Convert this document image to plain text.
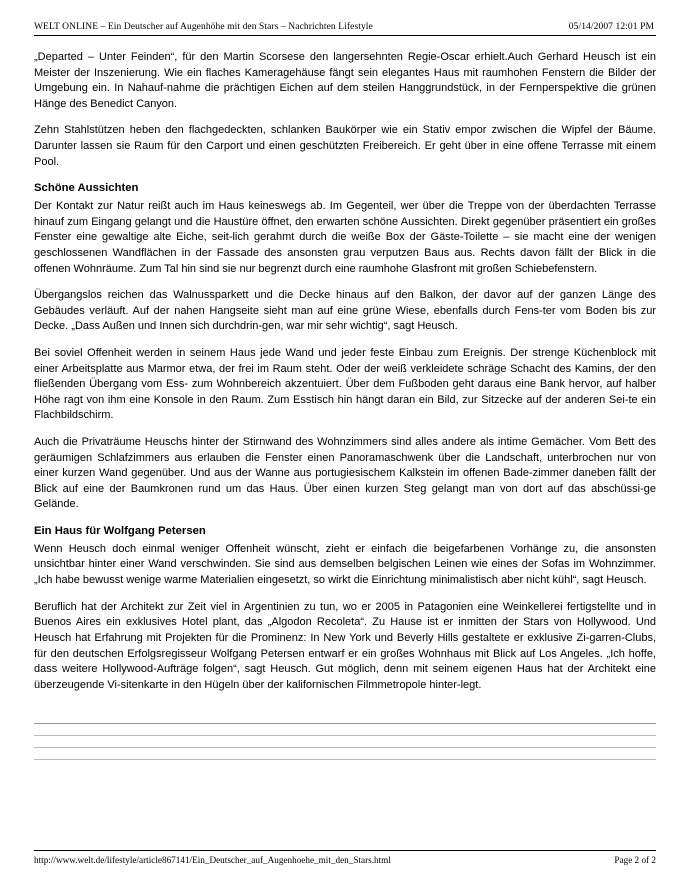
WELT ONLINE – Ein Deutscher auf Augenhöhe mit den Stars – Nachrichten Lifestyle	05/14/2007 12:01 PM

„Departed – Unter Feinden“, für den Martin Scorsese den langersehnten Regie-Oscar erhielt.Auch Gerhard Heusch ist ein Meister der Inszenierung. Wie ein flaches Kameragehäuse fängt sein elegantes Haus mit raumhohen Fenstern die Bilder der Umgebung ein. In Nahauf-nahme die prächtigen Eichen auf dem steilen Hanggrundstück, in der Fernperspektive die grünen Hänge des Benedict Canyon.

Zehn Stahlstützen heben den flachgedeckten, schlanken Baukörper wie ein Stativ empor zwischen die Wipfel der Bäume. Darunter lassen sie Raum für den Carport und einen geschützten Freibereich. Er geht über in eine offene Terrasse mit einem Pool.

Schöne Aussichten

Der Kontakt zur Natur reißt auch im Haus keineswegs ab. Im Gegenteil, wer über die Treppe von der überdachten Terrasse hinauf zum Eingang gelangt und die Haustüre öffnet, den erwarten schöne Aussichten. Direkt gegenüber präsentiert ein großes Fenster eine gewaltige alte Eiche, seit-lich gerahmt durch die weiße Box der Gäste-Toilette – sie macht eine der wenigen geschlossenen Wandflächen in der Fassade des ansonsten grau verputzen Baus aus. Rechts davon fällt der Blick in die offenen Wohnräume. Zum Tal hin sind sie nur begrenzt durch eine raumhohe Glasfront mit großen Schiebefenstern.

Übergangslos reichen das Walnussparkett und die Decke hinaus auf den Balkon, der davor auf der ganzen Länge des Gebäudes verläuft. Auf der nahen Hangseite sieht man auf eine grüne Wiese, ebenfalls durch Fens-ter vom Boden bis zur Decke. „Dass Außen und Innen sich durchdrin-gen, war mir sehr wichtig“, sagt Heusch.

Bei soviel Offenheit werden in seinem Haus jede Wand und jeder feste Einbau zum Ereignis. Der strenge Küchenblock mit einer Arbeitsplatte aus Marmor etwa, der frei im Raum steht. Oder der weiß verkleidete schräge Schacht des Kamins, der den fließenden Übergang vom Ess- zum Wohnbereich akzentuiert. Über dem Fußboden geht daraus eine Bank hervor, auf halber Höhe ragt von ihm eine Konsole in den Raum. Zum Esstisch hin hängt daran ein Bild, zur Sitzecke auf der anderen Sei-te ein Flachbildschirm.

Auch die Privaträume Heuschs hinter der Stirnwand des Wohnzimmers sind alles andere als intime Gemächer. Vom Bett des geräumigen Schlafzimmers aus erlauben die Fenster einen Panoramaschwenk über die Landschaft, unterbrochen nur von einer kurzen Wand gegenüber. Und aus der Wanne aus portugiesischem Kalkstein im offenen Bade-zimmer daneben fällt der Blick auf eine der Baumkronen rund um das Haus. Über einen kurzen Steg gelangt man von dort auf das abschüssi-ge Gelände.

Ein Haus für Wolfgang Petersen

Wenn Heusch doch einmal weniger Offenheit wünscht, zieht er einfach die beigefarbenen Vorhänge zu, die ansonsten unsichtbar hinter einer Wand verschwinden. Sie sind aus demselben belgischen Leinen wie eines der Sofas im Wohnzimmer. „Ich habe bewusst wenige warme Materialien eingesetzt, so wirkt die Einrichtung minimalistisch aber nicht kühl“, sagt Heusch.

Beruflich hat der Architekt zur Zeit viel in Argentinien zu tun, wo er 2005 in Patagonien eine Weinkellerei fertigstellte und in Buenos Aires ein exklusives Hotel plant, das „Algodon Recoleta“. Zu Hause ist er inmitten der Stars von Hollywood. Und Heusch hat Erfahrung mit Projekten für die Prominenz: In New York und Beverly Hills gestaltete er exklusive Zi-garren-Clubs, für den deutschen Erfolgsregisseur Wolfgang Petersen entwarf er ein großes Wohnhaus mit Blick auf Los Angeles. „Ich hoffe, dass weitere Hollywood-Aufträge folgen“, sagt Heusch. Gut möglich, denn mit seinem eigenen Haus hat der Architekt eine überzeugende Vi-sitenkarte in den Hügeln über der kalifornischen Filmmetropole hinter-legt.

http://www.welt.de/lifestyle/article867141/Ein_Deutscher_auf_Augenhoehe_mit_den_Stars.html	Page 2 of 2
